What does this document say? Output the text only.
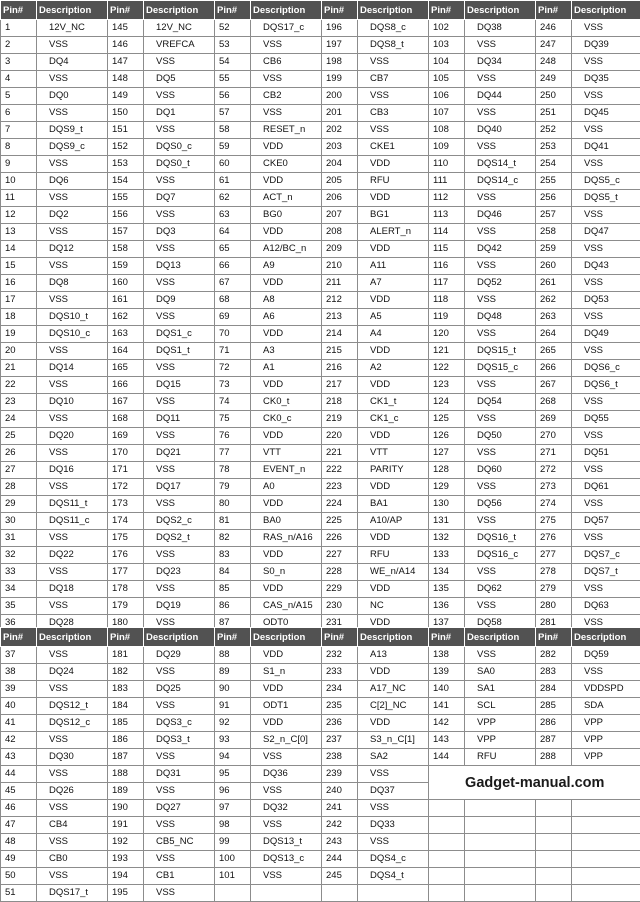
Pin#	Description	Pin#	Description	Pin#	Description	Pin#	Description	Pin#	Description	Pin#	Description
1	12V_NC	145	12V_NC	52	DQS17_c	196	DQS8_c	102	DQ38	246	VSS
2	VSS	146	VREFCA	53	VSS	197	DQS8_t	103	VSS	247	DQ39
3	DQ4	147	VSS	54	CB6	198	VSS	104	DQ34	248	VSS
4	VSS	148	DQ5	55	VSS	199	CB7	105	VSS	249	DQ35
5	DQ0	149	VSS	56	CB2	200	VSS	106	DQ44	250	VSS
6	VSS	150	DQ1	57	VSS	201	CB3	107	VSS	251	DQ45
7	DQS9_t	151	VSS	58	RESET_n	202	VSS	108	DQ40	252	VSS
8	DQS9_c	152	DQS0_c	59	VDD	203	CKE1	109	VSS	253	DQ41
9	VSS	153	DQS0_t	60	CKE0	204	VDD	110	DQS14_t	254	VSS
10	DQ6	154	VSS	61	VDD	205	RFU	111	DQS14_c	255	DQS5_c
11	VSS	155	DQ7	62	ACT_n	206	VDD	112	VSS	256	DQS5_t
12	DQ2	156	VSS	63	BG0	207	BG1	113	DQ46	257	VSS
13	VSS	157	DQ3	64	VDD	208	ALERT_n	114	VSS	258	DQ47
14	DQ12	158	VSS	65	A12/BC_n	209	VDD	115	DQ42	259	VSS
15	VSS	159	DQ13	66	A9	210	A11	116	VSS	260	DQ43
16	DQ8	160	VSS	67	VDD	211	A7	117	DQ52	261	VSS
17	VSS	161	DQ9	68	A8	212	VDD	118	VSS	262	DQ53
18	DQS10_t	162	VSS	69	A6	213	A5	119	DQ48	263	VSS
19	DQS10_c	163	DQS1_c	70	VDD	214	A4	120	VSS	264	DQ49
20	VSS	164	DQS1_t	71	A3	215	VDD	121	DQS15_t	265	VSS
21	DQ14	165	VSS	72	A1	216	A2	122	DQS15_c	266	DQS6_c
22	VSS	166	DQ15	73	VDD	217	VDD	123	VSS	267	DQS6_t
23	DQ10	167	VSS	74	CK0_t	218	CK1_t	124	DQ54	268	VSS
24	VSS	168	DQ11	75	CK0_c	219	CK1_c	125	VSS	269	DQ55
25	DQ20	169	VSS	76	VDD	220	VDD	126	DQ50	270	VSS
26	VSS	170	DQ21	77	VTT	221	VTT	127	VSS	271	DQ51
27	DQ16	171	VSS	78	EVENT_n	222	PARITY	128	DQ60	272	VSS
28	VSS	172	DQ17	79	A0	223	VDD	129	VSS	273	DQ61
29	DQS11_t	173	VSS	80	VDD	224	BA1	130	DQ56	274	VSS
30	DQS11_c	174	DQS2_c	81	BA0	225	A10/AP	131	VSS	275	DQ57
31	VSS	175	DQS2_t	82	RAS_n/A16	226	VDD	132	DQS16_t	276	VSS
32	DQ22	176	VSS	83	VDD	227	RFU	133	DQS16_c	277	DQS7_c
33	VSS	177	DQ23	84	S0_n	228	WE_n/A14	134	VSS	278	DQS7_t
34	DQ18	178	VSS	85	VDD	229	VDD	135	DQ62	279	VSS
35	VSS	179	DQ19	86	CAS_n/A15	230	NC	136	VSS	280	DQ63
36	DQ28	180	VSS	87	ODT0	231	VDD	137	DQ58	281	VSS
Pin#	Description	Pin#	Description	Pin#	Description	Pin#	Description	Pin#	Description	Pin#	Description
37	VSS	181	DQ29	88	VDD	232	A13	138	VSS	282	DQ59
38	DQ24	182	VSS	89	S1_n	233	VDD	139	SA0	283	VSS
39	VSS	183	DQ25	90	VDD	234	A17_NC	140	SA1	284	VDDSPD
40	DQS12_t	184	VSS	91	ODT1	235	C[2]_NC	141	SCL	285	SDA
41	DQS12_c	185	DQS3_c	92	VDD	236	VDD	142	VPP	286	VPP
42	VSS	186	DQS3_t	93	S2_n_C[0]	237	S3_n_C[1]	143	VPP	287	VPP
43	DQ30	187	VSS	94	VSS	238	SA2	144	RFU	288	VPP
44	VSS	188	DQ31	95	DQ36	239	VSS	Gadget-manual.com			
45	DQ26	189	VSS	96	VSS	240	DQ37				
46	VSS	190	DQ27	97	DQ32	241	VSS				
47	CB4	191	VSS	98	VSS	242	DQ33				
48	VSS	192	CB5_NC	99	DQS13_t	243	VSS				
49	CB0	193	VSS	100	DQS13_c	244	DQS4_c				
50	VSS	194	CB1	101	VSS	245	DQS4_t				
51	DQS17_t	195	VSS								
